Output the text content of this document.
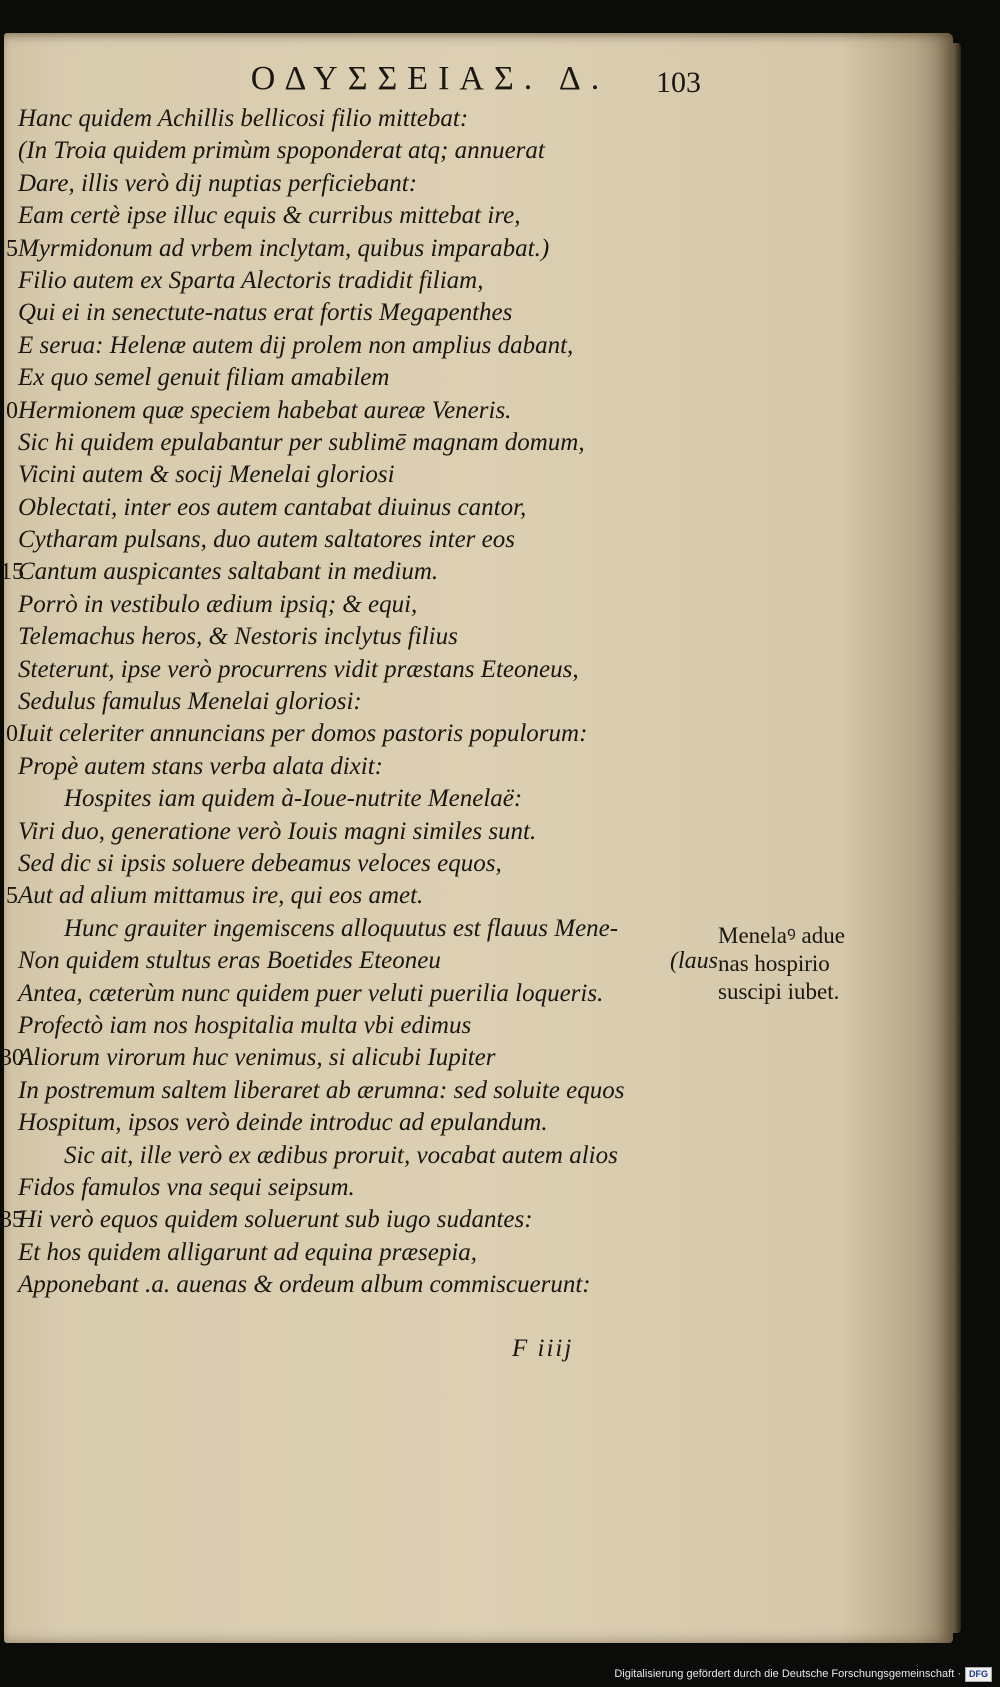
ΟΔΥΣΣΕΙΑΣ. Δ.	103
Hanc quidem Achillis bellicosi filio mittebat:
(In Troia quidem primùm spoponderat atq; annuerat
Dare, illis verò dij nuptias perficiebant:
Eam certè ipse illuc equis & curribus mittebat ire,
5 Myrmidonum ad vrbem inclytam, quibus imparabat.)
Filio autem ex Sparta Alectoris tradidit filiam,
Qui ei in senectute-natus erat fortis Megapenthes
E serua: Helenæ autem dij prolem non amplius dabant,
Ex quo semel genuit filiam amabilem
0 Hermionem quæ speciem habebat aureæ Veneris.
Sic hi quidem epulabantur per sublimē magnam domum,
Vicini autem & socij Menelai gloriosi
Oblectati, inter eos autem cantabat diuinus cantor,
Cytharam pulsans, duo autem saltatores inter eos
15
Cantum auspicantes saltabant in medium.
Porrò in vestibulo ædium ipsiq; & equi,
Telemachus heros, & Nestoris inclytus filius
Steterunt, ipse verò procurrens vidit præstans Eteoneus,
Sedulus famulus Menelai gloriosi:
0 Iuit celeriter annuncians per domos pastoris populorum:
Propè autem stans verba alata dixit:
Hospites iam quidem à-Ioue-nutrite Menelaë:
Viri duo, generatione verò Iouis magni similes sunt.
Sed dic si ipsis soluere debeamus veloces equos,
5 Aut ad alium mittamus ire, qui eos amet.
Hunc grauiter ingemiscens alloquutus est flauus Mene-
Non quidem stultus eras Boetides Eteoneu	(laus
Antea, cæterùm nunc quidem puer veluti puerilia loqueris.
Profectò iam nos hospitalia multa vbi edimus
30
Aliorum virorum huc venimus, si alicubi Iupiter
In postremum saltem liberaret ab ærumna: sed soluite equos
Hospitum, ipsos verò deinde introduc ad epulandum.
Sic ait, ille verò ex ædibus proruit, vocabat autem alios
Fidos famulos vna sequi seipsum.
35
Hi verò equos quidem soluerunt sub iugo sudantes:
Et hos quidem alligarunt ad equina præsepia,
Apponebant .a. auenas & ordeum album commiscuerunt:
Menelaꝰ adue
nas hospirio
suscipi iubet.
F iiij
Digitalisierung gefördert durch die Deutsche Forschungsgemeinschaft · DFG
